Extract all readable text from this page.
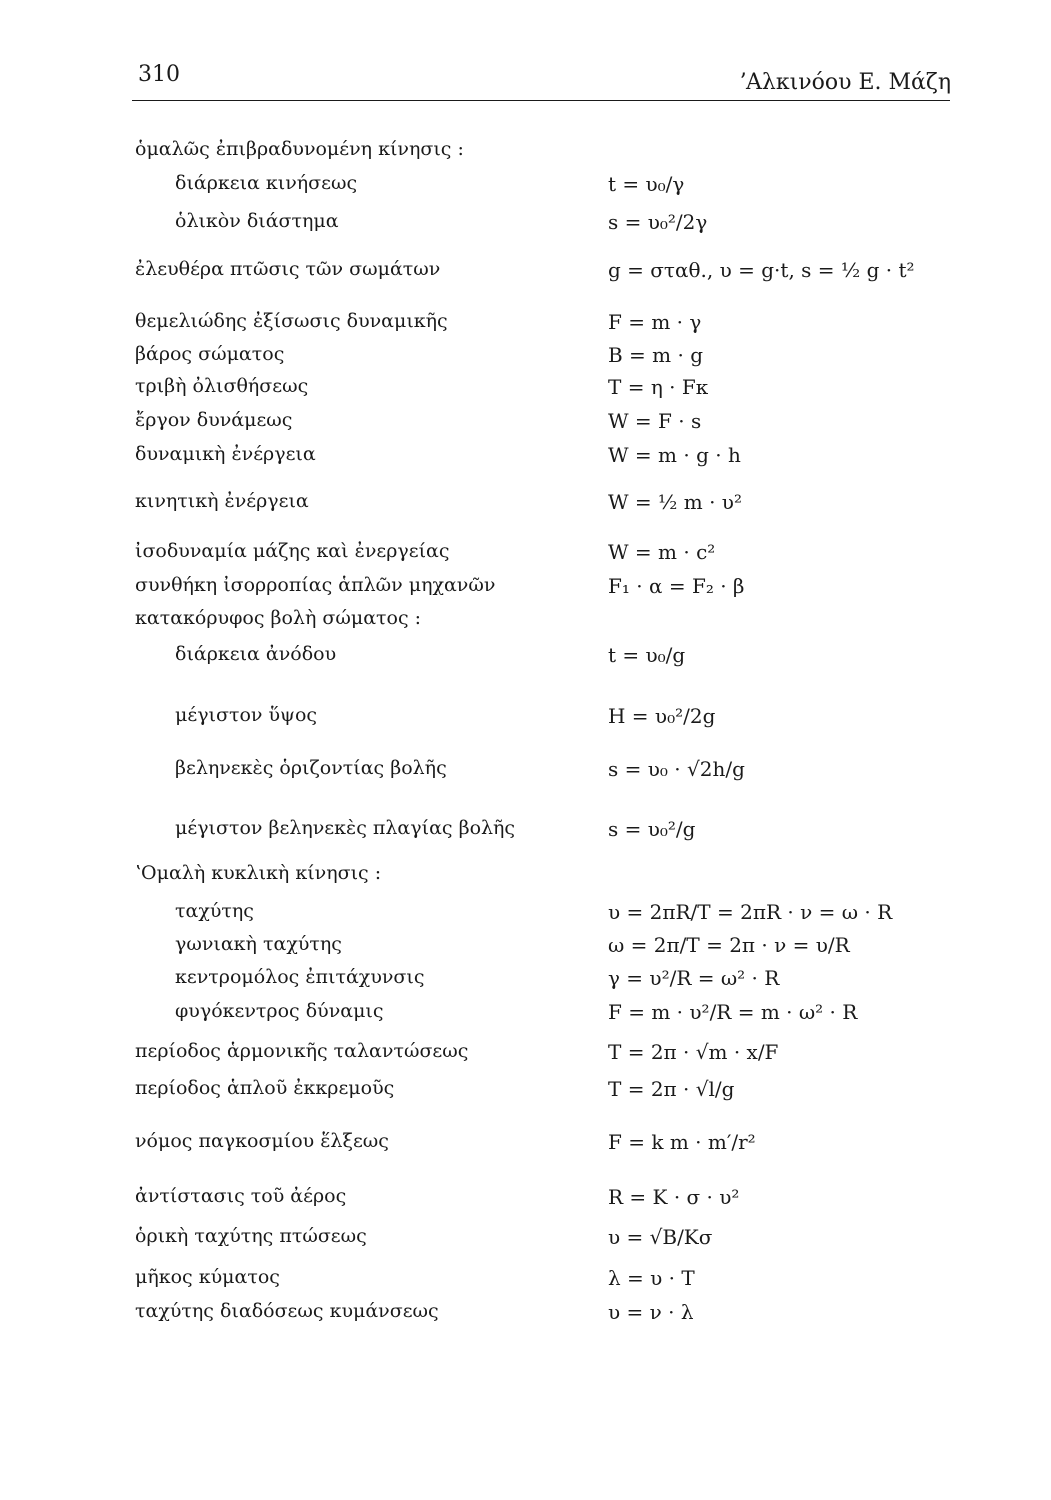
310	ʼΑλκινόου Ε. Μάζη
ὁμαλῶς ἐπιβραδυνομένη κίνησις :
διάρκεια κινήσεως	t = υ₀/γ
ὁλικὸν διάστημα	s = υ₀²/2γ
ἐλευθέρα πτῶσις τῶν σωμάτων	g = σταθ., υ = g·t, s = ½ g · t²
θεμελιώδης ἐξίσωσις δυναμικῆς	F = m · γ
βάρος σώματος	B = m · g
τριβὴ ὀλισθήσεως	T = η · Fκ
ἔργον δυνάμεως	W = F · s
δυναμικὴ ἐνέργεια	W = m · g · h
κινητικὴ ἐνέργεια	W = ½ m · υ²
ἰσοδυναμία μάζης καὶ ἐνεργείας	W = m · c²
συνθήκη ἰσορροπίας ἁπλῶν μηχανῶν	F₁ · α = F₂ · β
κατακόρυφος βολὴ σώματος :
διάρκεια ἀνόδου	t = υ₀/g
μέγιστον ὕψος	H = υ₀²/2g
βεληνεκὲς ὁριζοντίας βολῆς	s = υ₀ · √2h/g
μέγιστον βεληνεκὲς πλαγίας βολῆς	s = υ₀²/g
ʽΟμαλὴ κυκλικὴ κίνησις :
ταχύτης	υ = 2πR/T = 2πR · ν = ω · R
γωνιακὴ ταχύτης	ω = 2π/T = 2π · ν = υ/R
κεντρομόλος ἐπιτάχυνσις	γ = υ²/R = ω² · R
φυγόκεντρος δύναμις	F = m · υ²/R = m · ω² · R
περίοδος ἁρμονικῆς ταλαντώσεως	T = 2π · √m · x/F
περίοδος ἁπλοῦ ἐκκρεμοῦς	T = 2π · √l/g
νόμος παγκοσμίου ἕλξεως	F = k m · m′/r²
ἀντίστασις τοῦ ἀέρος	R = K · σ · υ²
ὁρικὴ ταχύτης πτώσεως	υ = √B/Kσ
μῆκος κύματος	λ = υ · T
ταχύτης διαδόσεως κυμάνσεως	υ = ν · λ
